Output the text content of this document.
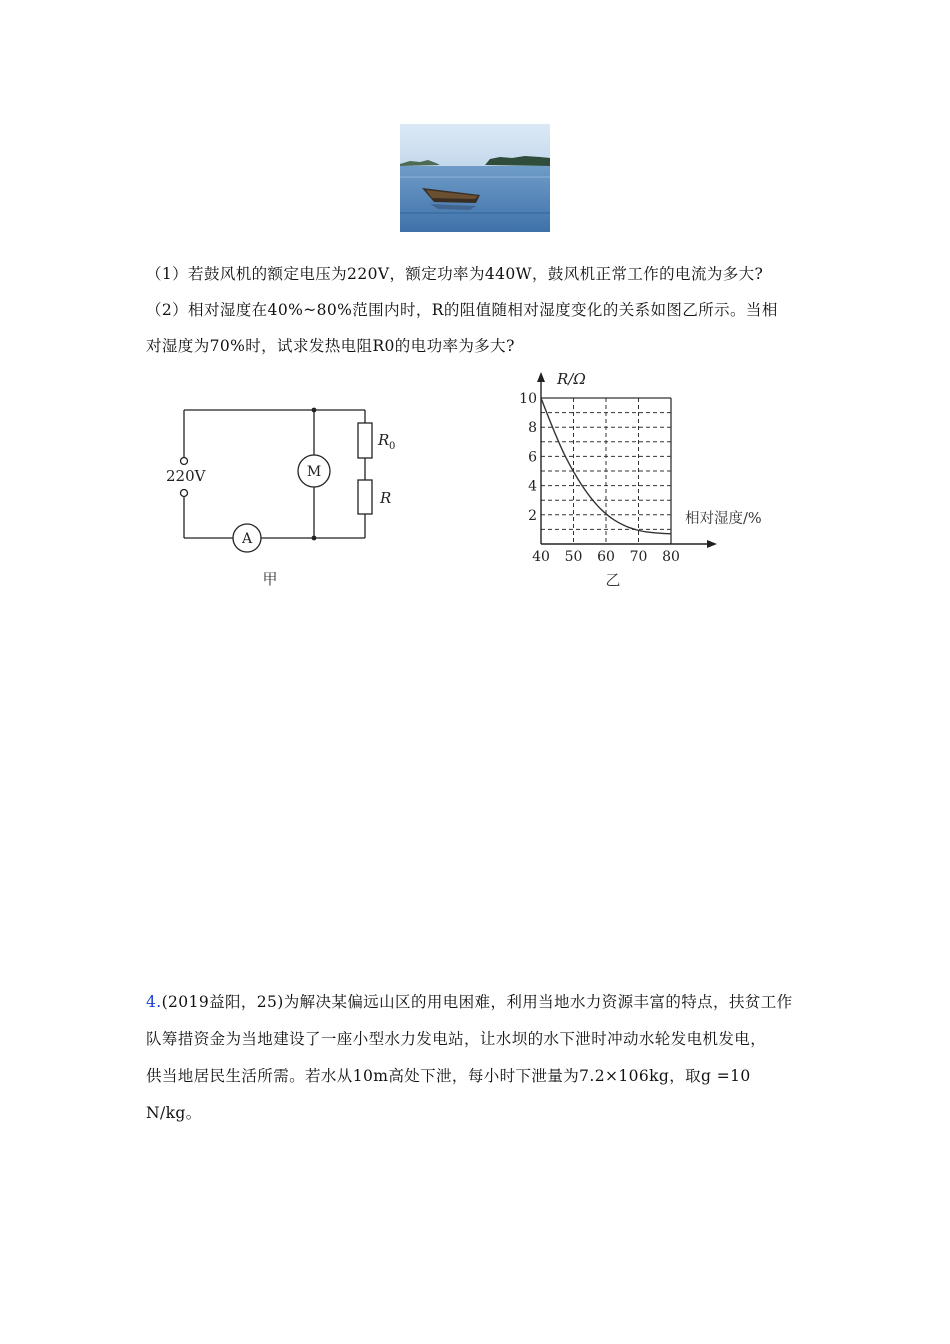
（1）若鼓风机的额定电压为220V，额定功率为440W，鼓风机正常工作的电流为多大?
（2）相对湿度在40%~80%范围内时，R的阻值随相对湿度变化的关系如图乙所示。当相
对湿度为70%时，试求发热电阻R0的电功率为多大?
220V	M
A
R 0
R
甲
R/Ω
相对湿度/%
乙
40 50 60 70 80
2
4
6
8
10
4.(2019益阳，25)为解决某偏远山区的用电困难，利用当地水力资源丰富的特点，扶贫工作
队筹措资金为当地建设了一座小型水力发电站，让水坝的水下泄时冲动水轮发电机发电，
供当地居民生活所需。若水从10m高处下泄，每小时下泄量为7.2×106kg，取g =10
N/kg。
